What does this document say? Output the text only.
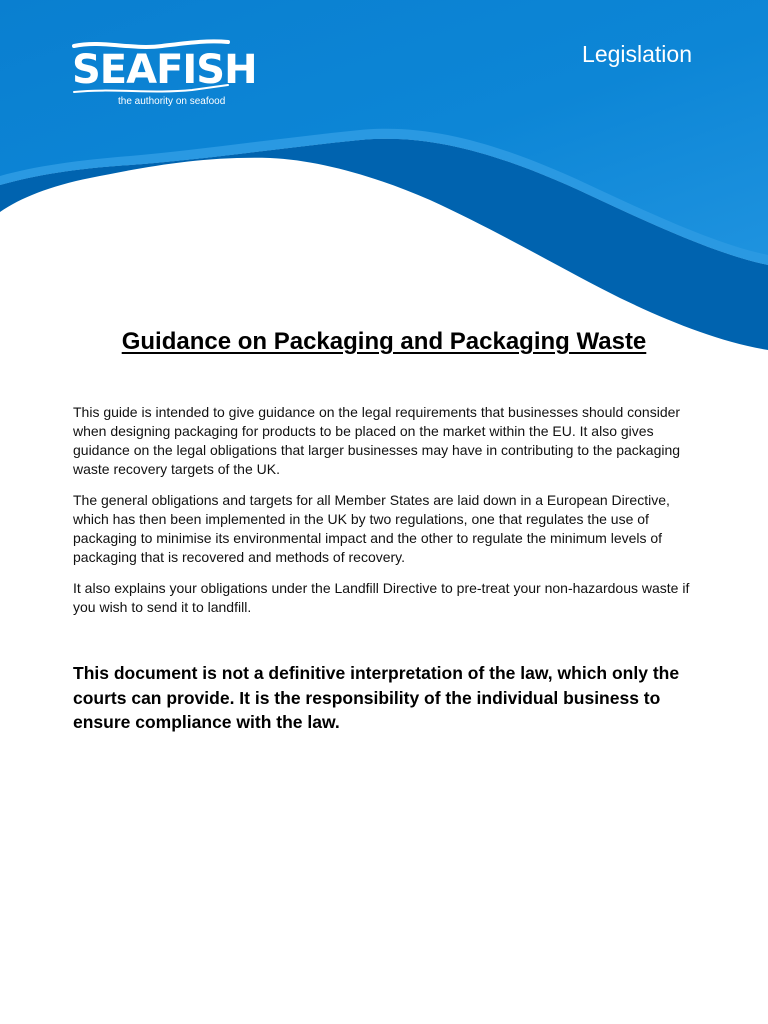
SEAFISH
the authority on seafood
Legislation
Guidance on Packaging and Packaging Waste

This guide is intended to give guidance on the legal requirements that businesses should consider when designing packaging for products to be placed on the market within the EU. It also gives guidance on the legal obligations that larger businesses may have in contributing to the packaging waste recovery targets of the UK.

The general obligations and targets for all Member States are laid down in a European Directive, which has then been implemented in the UK by two regulations, one that regulates the use of packaging to minimise its environmental impact and the other to regulate the minimum levels of packaging that is recovered and methods of recovery.

It also explains your obligations under the Landfill Directive to pre-treat your non-hazardous waste if you wish to send it to landfill.

This document is not a definitive interpretation of the law, which only the courts can provide. It is the responsibility of the individual business to ensure compliance with the law.
